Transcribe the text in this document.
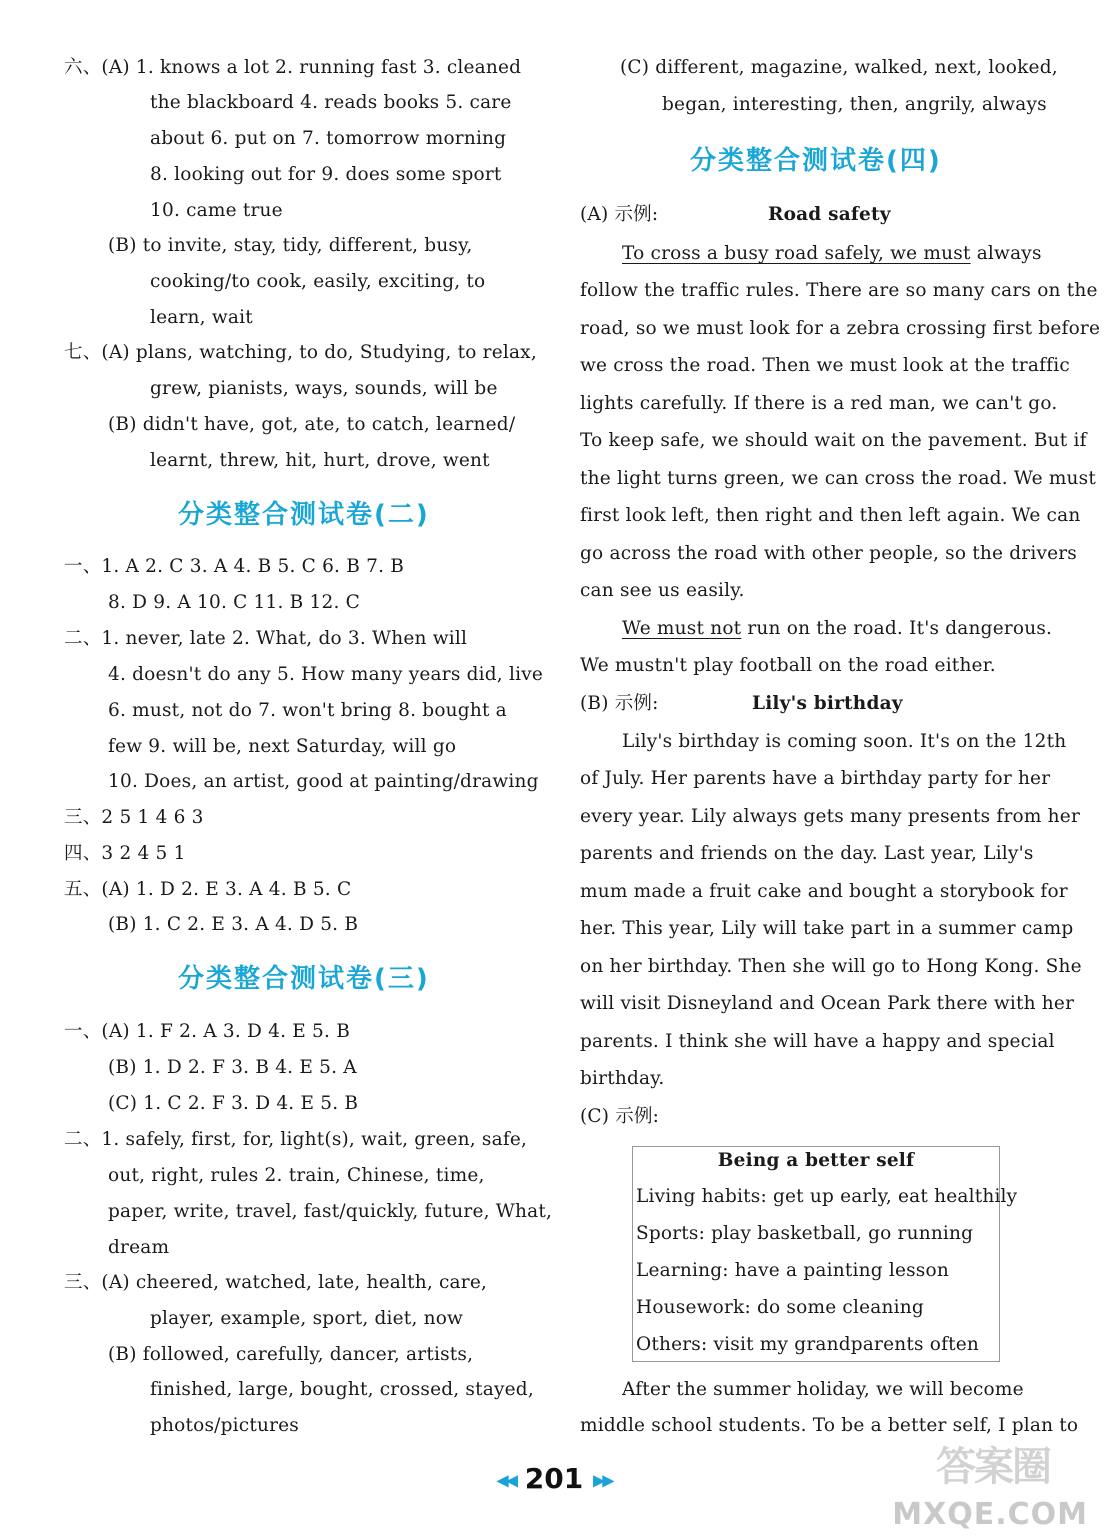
六、(A) 1. knows a lot 2. running fast 3. cleaned
the blackboard 4. reads books 5. care
about 6. put on 7. tomorrow morning
8. looking out for 9. does some sport
10. came true
(B) to invite, stay, tidy, different, busy,
cooking/to cook, easily, exciting, to
learn, wait
七、(A) plans, watching, to do, Studying, to relax,
grew, pianists, ways, sounds, will be
(B) didn't have, got, ate, to catch, learned/
learnt, threw, hit, hurt, drove, went
分类整合测试卷(二)
一、1. A 2. C 3. A 4. B 5. C 6. B 7. B
8. D 9. A 10. C 11. B 12. C
二、1. never, late 2. What, do 3. When will
4. doesn't do any 5. How many years did, live
6. must, not do 7. won't bring 8. bought a
few 9. will be, next Saturday, will go
10. Does, an artist, good at painting/drawing
三、2 5 1 4 6 3
四、3 2 4 5 1
五、(A) 1. D 2. E 3. A 4. B 5. C
(B) 1. C 2. E 3. A 4. D 5. B
分类整合测试卷(三)
一、(A) 1. F 2. A 3. D 4. E 5. B
(B) 1. D 2. F 3. B 4. E 5. A
(C) 1. C 2. F 3. D 4. E 5. B
二、1. safely, first, for, light(s), wait, green, safe,
out, right, rules 2. train, Chinese, time,
paper, write, travel, fast/quickly, future, What,
dream
三、(A) cheered, watched, late, health, care,
player, example, sport, diet, now
(B) followed, carefully, dancer, artists,
finished, large, bought, crossed, stayed,
photos/pictures
(C) different, magazine, walked, next, looked,
began, interesting, then, angrily, always
分类整合测试卷(四)
(A) 示例:	Road safety
To cross a busy road safely, we must always
follow the traffic rules. There are so many cars on the
road, so we must look for a zebra crossing first before
we cross the road. Then we must look at the traffic
lights carefully. If there is a red man, we can't go.
To keep safe, we should wait on the pavement. But if
the light turns green, we can cross the road. We must
first look left, then right and then left again. We can
go across the road with other people, so the drivers
can see us easily.
We must not run on the road. It's dangerous.
We mustn't play football on the road either.
(B) 示例:	Lily's birthday
Lily's birthday is coming soon. It's on the 12th
of July. Her parents have a birthday party for her
every year. Lily always gets many presents from her
parents and friends on the day. Last year, Lily's
mum made a fruit cake and bought a storybook for
her. This year, Lily will take part in a summer camp
on her birthday. Then she will go to Hong Kong. She
will visit Disneyland and Ocean Park there with her
parents. I think she will have a happy and special
birthday.
(C) 示例:
Being a better self
Living habits: get up early, eat healthily
Sports: play basketball, go running
Learning: have a painting lesson
Housework: do some cleaning
Others: visit my grandparents often
After the summer holiday, we will become
middle school students. To be a better self, I plan to
◀◀ 201 ▶▶	答案圈
MXQE.COM
